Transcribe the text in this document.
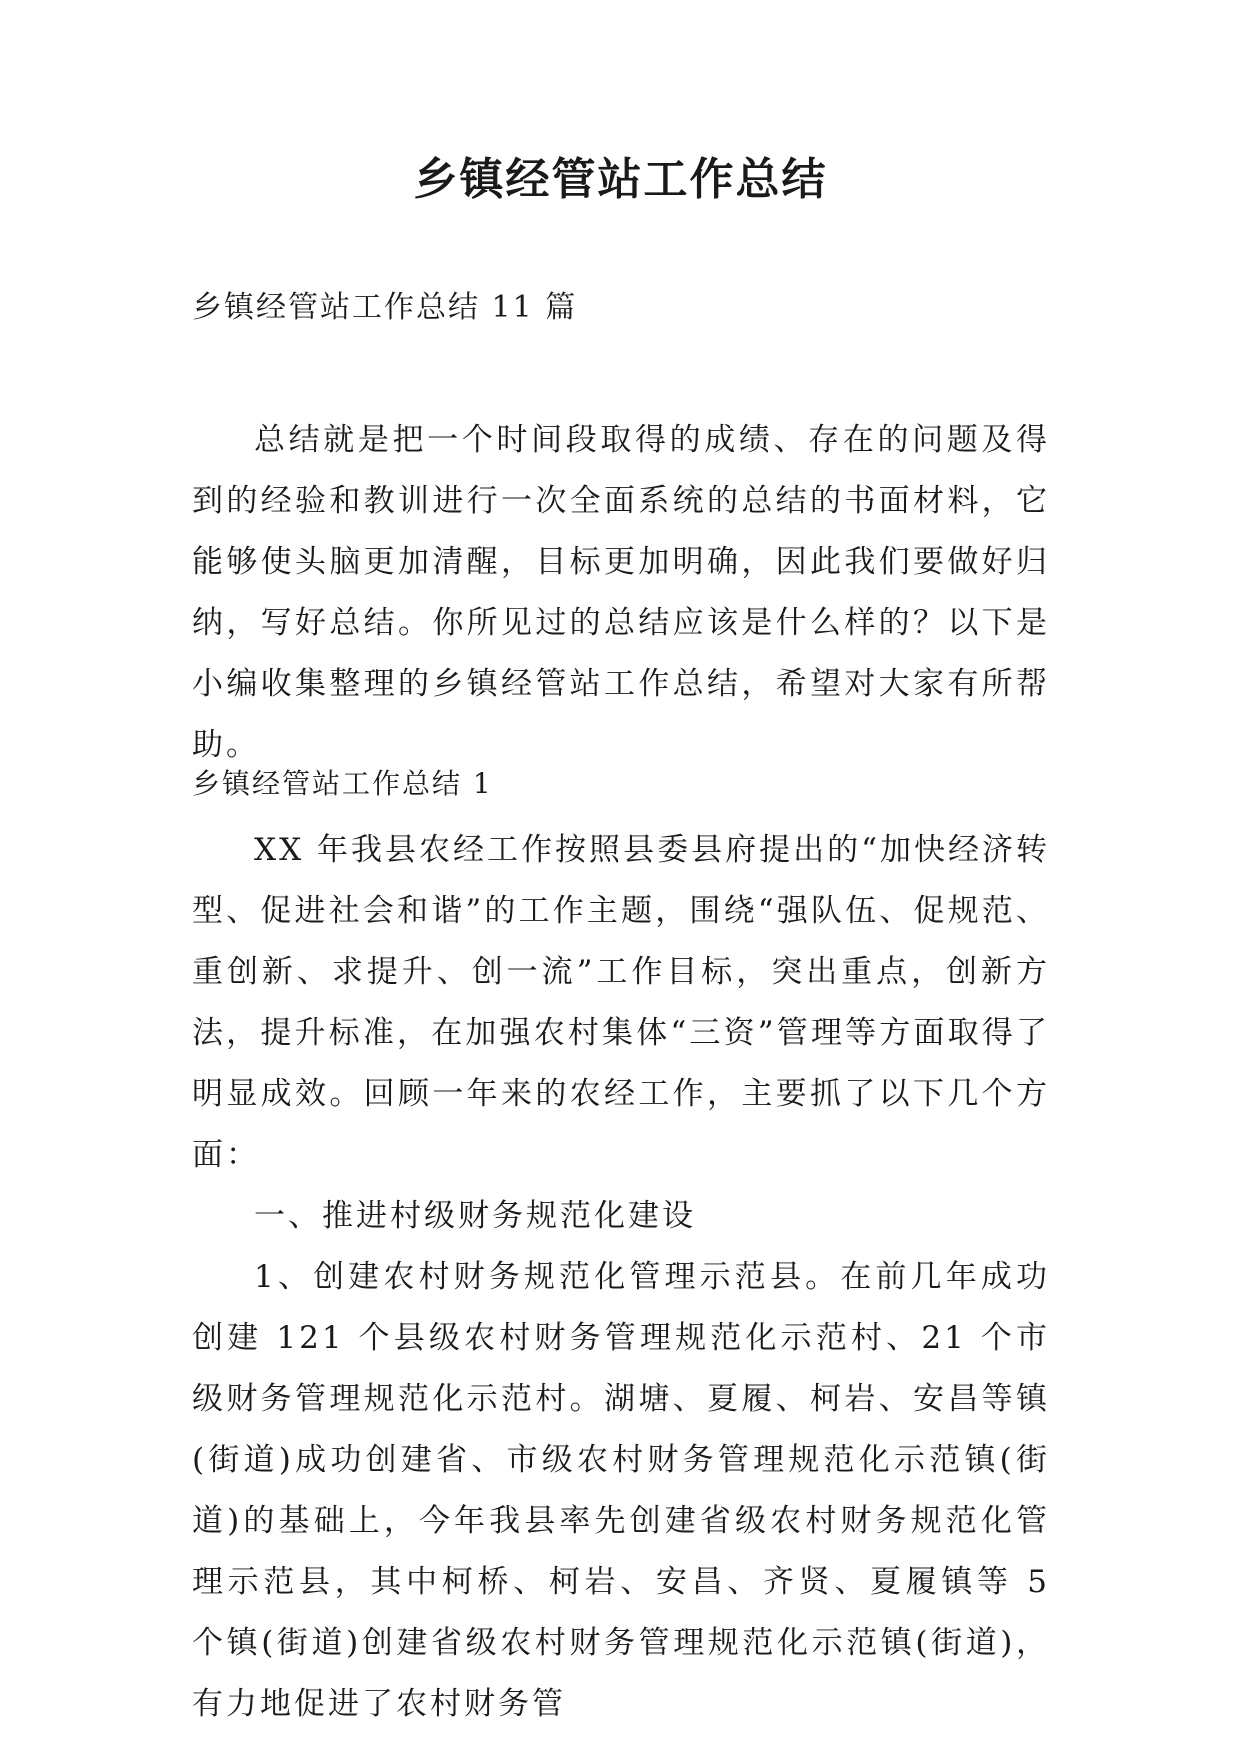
乡镇经管站工作总结
乡镇经管站工作总结 11 篇

总结就是把一个时间段取得的成绩、存在的问题及得到的经验和教训进行一次全面系统的总结的书面材料，它能够使头脑更加清醒，目标更加明确，因此我们要做好归纳，写好总结。你所见过的总结应该是什么样的？以下是小编收集整理的乡镇经管站工作总结，希望对大家有所帮助。

乡镇经管站工作总结 1

XX 年我县农经工作按照县委县府提出的“加快经济转型、促进社会和谐”的工作主题，围绕“强队伍、促规范、重创新、求提升、创一流”工作目标，突出重点，创新方法，提升标准，在加强农村集体“三资”管理等方面取得了明显成效。回顾一年来的农经工作，主要抓了以下几个方面：

一、推进村级财务规范化建设

1、创建农村财务规范化管理示范县。在前几年成功创建 121 个县级农村财务管理规范化示范村、21 个市级财务管理规范化示范村。湖塘、夏履、柯岩、安昌等镇(街道)成功创建省、市级农村财务管理规范化示范镇(街道)的基础上，今年我县率先创建省级农村财务规范化管理示范县，其中柯桥、柯岩、安昌、齐贤、夏履镇等 5 个镇(街道)创建省级农村财务管理规范化示范镇(街道)，有力地促进了农村财务管
